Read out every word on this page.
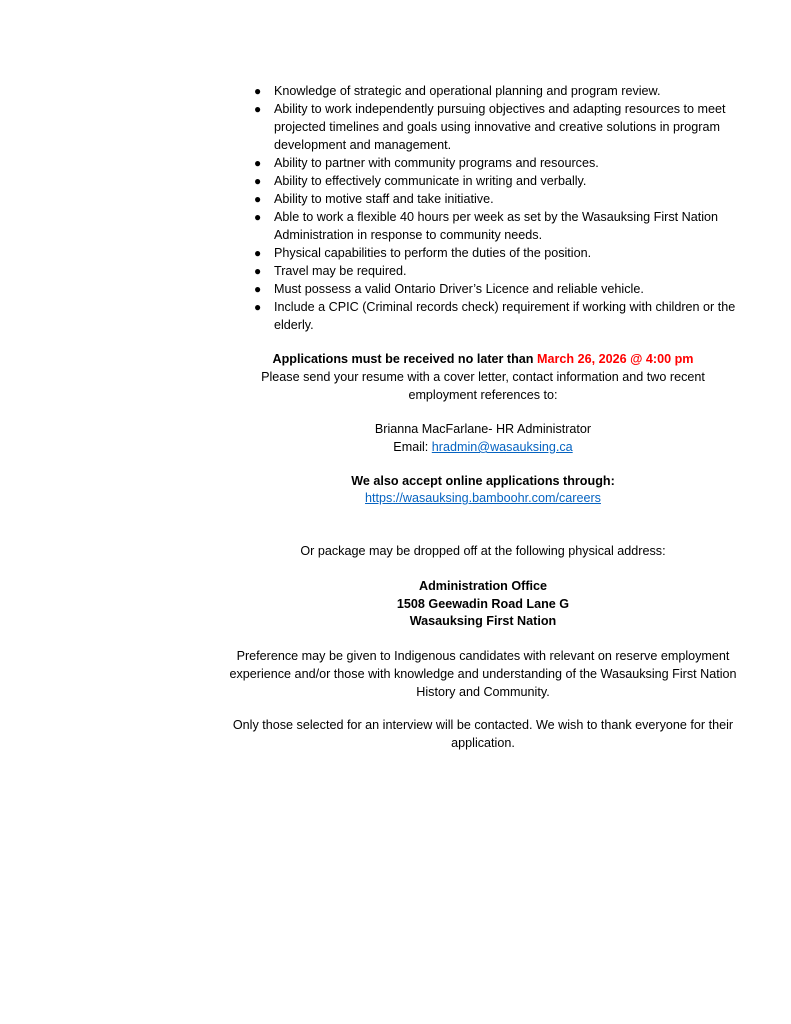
● Knowledge of strategic and operational planning and program review.
● Ability to work independently pursuing objectives and adapting resources to meet projected timelines and goals using innovative and creative solutions in program development and management.
● Ability to partner with community programs and resources.
● Ability to effectively communicate in writing and verbally.
● Ability to motive staff and take initiative.
● Able to work a flexible 40 hours per week as set by the Wasauksing First Nation Administration in response to community needs.
● Physical capabilities to perform the duties of the position.
● Travel may be required.
● Must possess a valid Ontario Driver’s Licence and reliable vehicle.
● Include a CPIC (Criminal records check) requirement if working with children or the elderly.
Applications must be received no later than March 26, 2026 @ 4:00 pm
Please send your resume with a cover letter, contact information and two recent employment references to:
Brianna MacFarlane- HR Administrator
Email: hradmin@wasauksing.ca
We also accept online applications through:
https://wasauksing.bamboohr.com/careers
Or package may be dropped off at the following physical address:
Administration Office
1508 Geewadin Road Lane G
Wasauksing First Nation
Preference may be given to Indigenous candidates with relevant on reserve employment experience and/or those with knowledge and understanding of the Wasauksing First Nation History and Community.
Only those selected for an interview will be contacted. We wish to thank everyone for their application.
